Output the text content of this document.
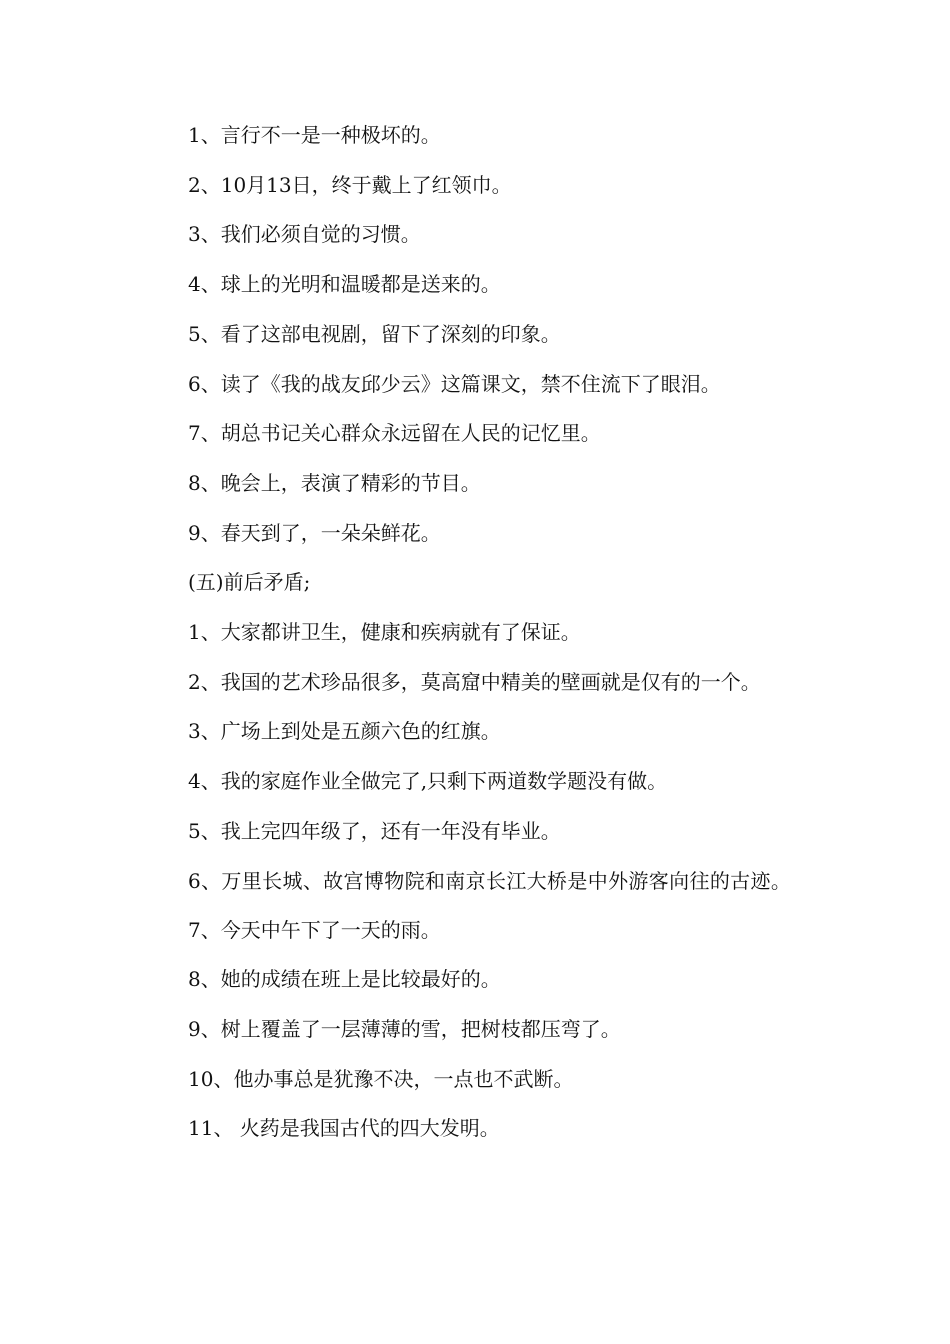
1、言行不一是一种极坏的。

2、10月13日，终于戴上了红领巾。

3、我们必须自觉的习惯。

4、球上的光明和温暖都是送来的。

5、看了这部电视剧，留下了深刻的印象。

6、读了《我的战友邱少云》这篇课文，禁不住流下了眼泪。

7、胡总书记关心群众永远留在人民的记忆里。

8、晚会上，表演了精彩的节目。

9、春天到了，一朵朵鲜花。

(五)前后矛盾;

1、大家都讲卫生，健康和疾病就有了保证。

2、我国的艺术珍品很多，莫高窟中精美的壁画就是仅有的一个。

3、广场上到处是五颜六色的红旗。

4、我的家庭作业全做完了,只剩下两道数学题没有做。

5、我上完四年级了，还有一年没有毕业。

6、万里长城、故宫博物院和南京长江大桥是中外游客向往的古迹。

7、今天中午下了一天的雨。

8、她的成绩在班上是比较最好的。

9、树上覆盖了一层薄薄的雪，把树枝都压弯了。

10、他办事总是犹豫不决，一点也不武断。

11、 火药是我国古代的四大发明。
